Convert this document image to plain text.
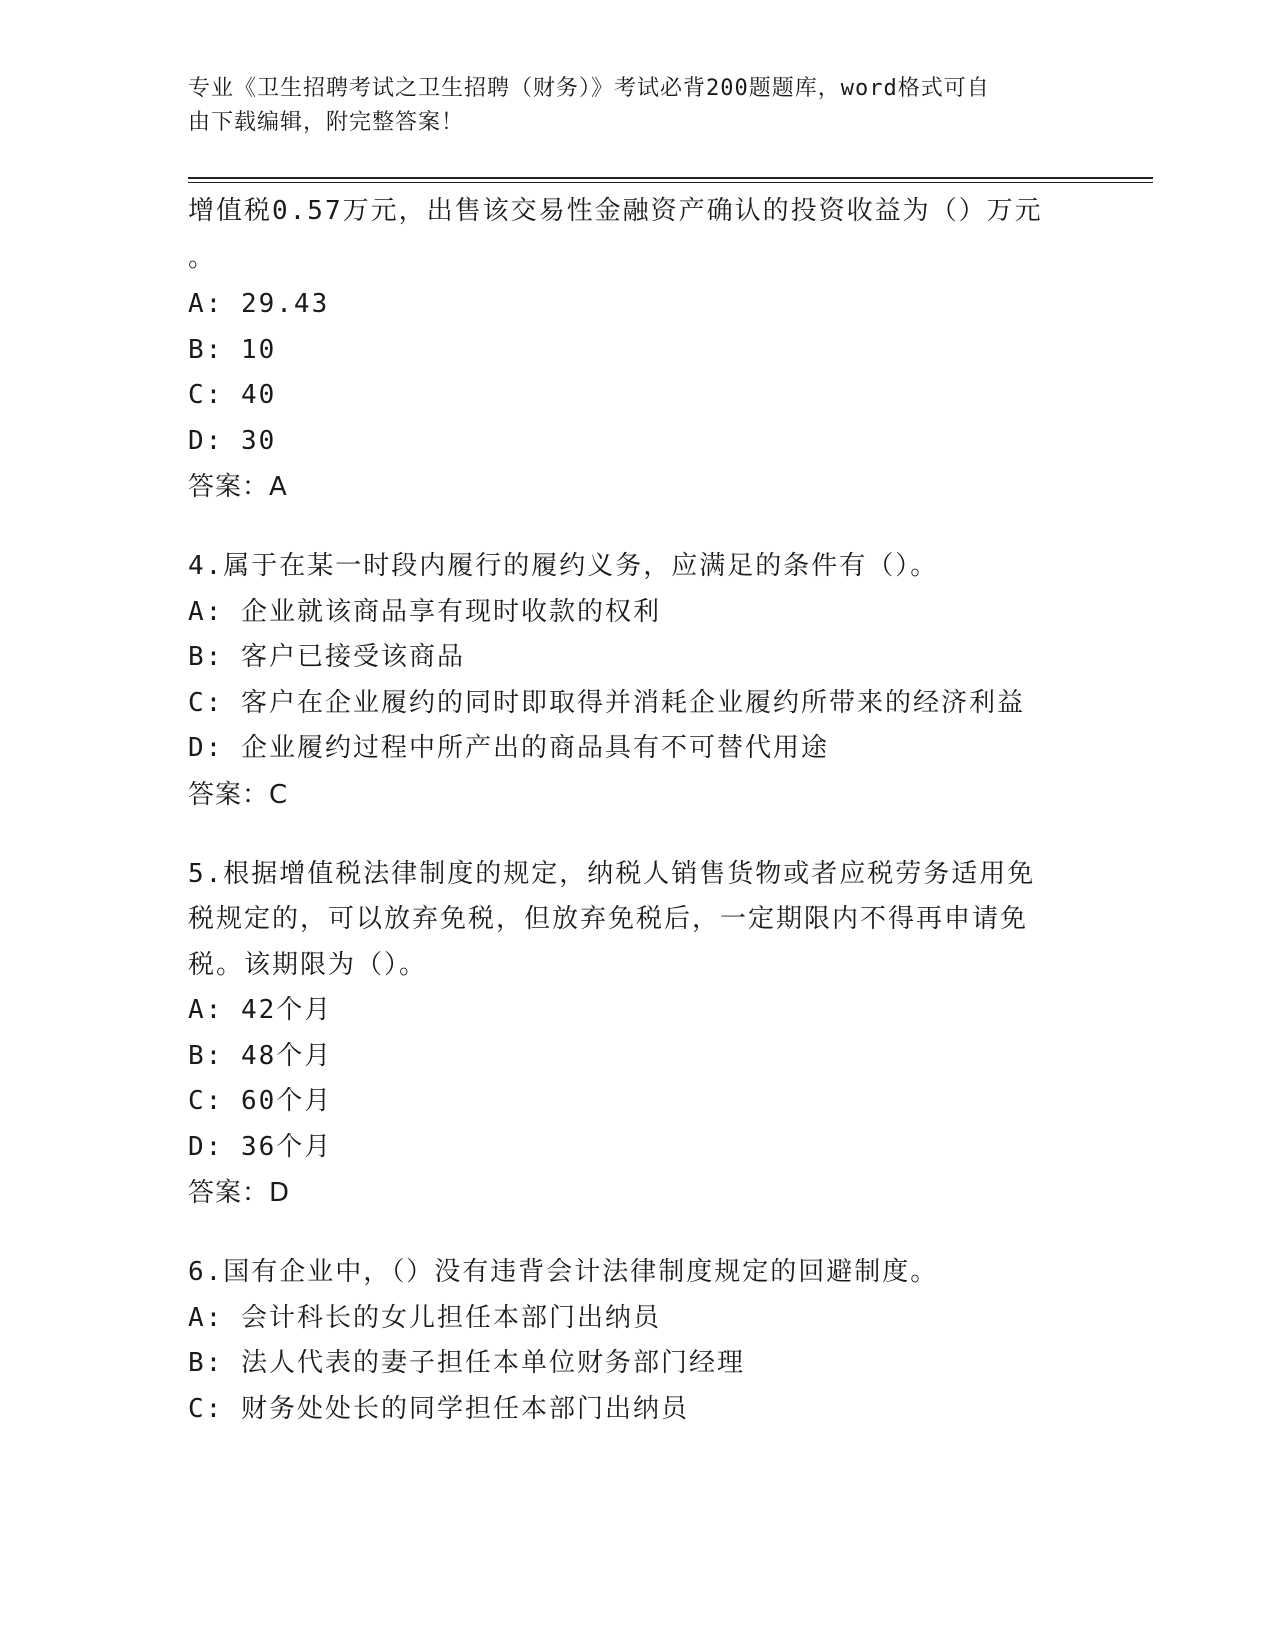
专业《卫生招聘考试之卫生招聘（财务）》考试必背200题题库，word格式可自
由下载编辑，附完整答案！
增值税0.57万元，出售该交易性金融资产确认的投资收益为（）万元
。
A: 29.43
B: 10
C: 40
D: 30
答案：A
4.属于在某一时段内履行的履约义务，应满足的条件有（）。
A: 企业就该商品享有现时收款的权利
B: 客户已接受该商品
C: 客户在企业履约的同时即取得并消耗企业履约所带来的经济利益
D: 企业履约过程中所产出的商品具有不可替代用途
答案：C
5.根据增值税法律制度的规定，纳税人销售货物或者应税劳务适用免
税规定的，可以放弃免税，但放弃免税后，一定期限内不得再申请免
税。该期限为（）。
A: 42个月
B: 48个月
C: 60个月
D: 36个月
答案：D
6.国有企业中，（）没有违背会计法律制度规定的回避制度。
A: 会计科长的女儿担任本部门出纳员
B: 法人代表的妻子担任本单位财务部门经理
C: 财务处处长的同学担任本部门出纳员
